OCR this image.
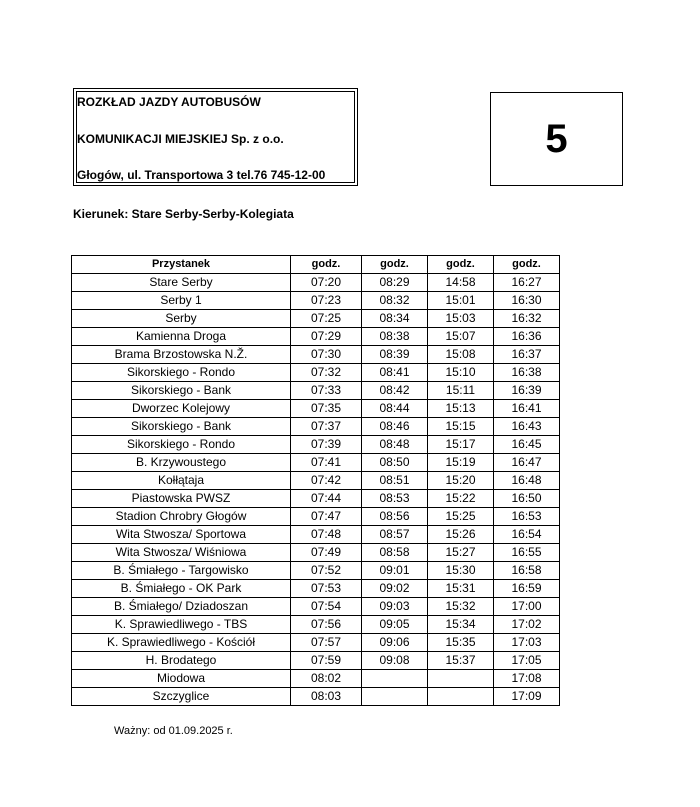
ROZKŁAD JAZDY AUTOBUSÓW
KOMUNIKACJI MIEJSKIEJ Sp. z o.o.
Głogów, ul. Transportowa 3 tel.76 745-12-00
5
Kierunek: Stare Serby-Serby-Kolegiata
Przystanek	godz.	godz.	godz.	godz.
Stare Serby	07:20	08:29	14:58	16:27
Serby 1	07:23	08:32	15:01	16:30
Serby	07:25	08:34	15:03	16:32
Kamienna Droga	07:29	08:38	15:07	16:36
Brama Brzostowska N.Ž.	07:30	08:39	15:08	16:37
Sikorskiego - Rondo	07:32	08:41	15:10	16:38
Sikorskiego - Bank	07:33	08:42	15:11	16:39
Dworzec Kolejowy	07:35	08:44	15:13	16:41
Sikorskiego - Bank	07:37	08:46	15:15	16:43
Sikorskiego - Rondo	07:39	08:48	15:17	16:45
B. Krzywoustego	07:41	08:50	15:19	16:47
Kołłątaja	07:42	08:51	15:20	16:48
Piastowska PWSZ	07:44	08:53	15:22	16:50
Stadion Chrobry Głogów	07:47	08:56	15:25	16:53
Wita Stwosza/ Sportowa	07:48	08:57	15:26	16:54
Wita Stwosza/ Wiśniowa	07:49	08:58	15:27	16:55
B. Śmiałego - Targowisko	07:52	09:01	15:30	16:58
B. Śmiałego - OK Park	07:53	09:02	15:31	16:59
B. Śmiałego/ Dziadoszan	07:54	09:03	15:32	17:00
K. Sprawiedliwego - TBS	07:56	09:05	15:34	17:02
K. Sprawiedliwego - Kościół	07:57	09:06	15:35	17:03
H. Brodatego	07:59	09:08	15:37	17:05
Miodowa	08:02			17:08
Szczyglice	08:03			17:09
Ważny: od 01.09.2025 r.
